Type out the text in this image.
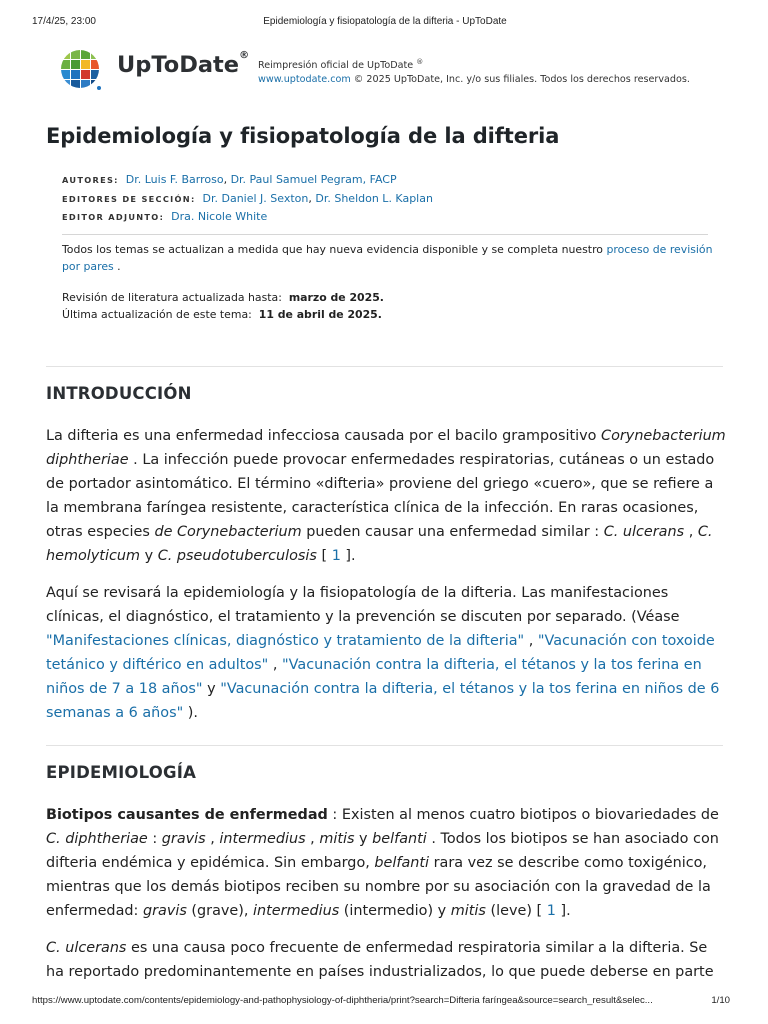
17/4/25, 23:00	Epidemiología y fisiopatología de la difteria - UpToDate
UpToDate®
Reimpresión oficial de UpToDate ®
www.uptodate.com © 2025 UpToDate, Inc. y/o sus filiales. Todos los derechos reservados.
Epidemiología y fisiopatología de la difteria
AUTORES: Dr. Luis F. Barroso, Dr. Paul Samuel Pegram, FACP
EDITORES DE SECCIÓN: Dr. Daniel J. Sexton, Dr. Sheldon L. Kaplan
EDITOR ADJUNTO: Dra. Nicole White
Todos los temas se actualizan a medida que hay nueva evidencia disponible y se completa nuestro proceso de revisión por pares .
Revisión de literatura actualizada hasta: marzo de 2025.
Última actualización de este tema: 11 de abril de 2025.
INTRODUCCIÓN

La difteria es una enfermedad infecciosa causada por el bacilo grampositivo Corynebacterium diphtheriae . La infección puede provocar enfermedades respiratorias, cutáneas o un estado de portador asintomático. El término «difteria» proviene del griego «cuero», que se refiere a la membrana faríngea resistente, característica clínica de la infección. En raras ocasiones, otras especies de Corynebacterium pueden causar una enfermedad similar : C. ulcerans , C. hemolyticum y C. pseudotuberculosis [ 1 ].

Aquí se revisará la epidemiología y la fisiopatología de la difteria. Las manifestaciones clínicas, el diagnóstico, el tratamiento y la prevención se discuten por separado. (Véase "Manifestaciones clínicas, diagnóstico y tratamiento de la difteria" , "Vacunación con toxoide tetánico y diftérico en adultos" , "Vacunación contra la difteria, el tétanos y la tos ferina en niños de 7 a 18 años" y "Vacunación contra la difteria, el tétanos y la tos ferina en niños de 6 semanas a 6 años" ).

EPIDEMIOLOGÍA

Biotipos causantes de enfermedad : Existen al menos cuatro biotipos o biovariedades de C. diphtheriae : gravis , intermedius , mitis y belfanti . Todos los biotipos se han asociado con difteria endémica y epidémica. Sin embargo, belfanti rara vez se describe como toxigénico, mientras que los demás biotipos reciben su nombre por su asociación con la gravedad de la enfermedad: gravis (grave), intermedius (intermedio) y mitis (leve) [ 1 ].

C. ulcerans es una causa poco frecuente de enfermedad respiratoria similar a la difteria. Se ha reportado predominantemente en países industrializados, lo que puede deberse en parte

https://www.uptodate.com/contents/epidemiology-and-pathophysiology-of-diphtheria/print?search=Difteria faríngea&source=search_result&selec...	1/10
